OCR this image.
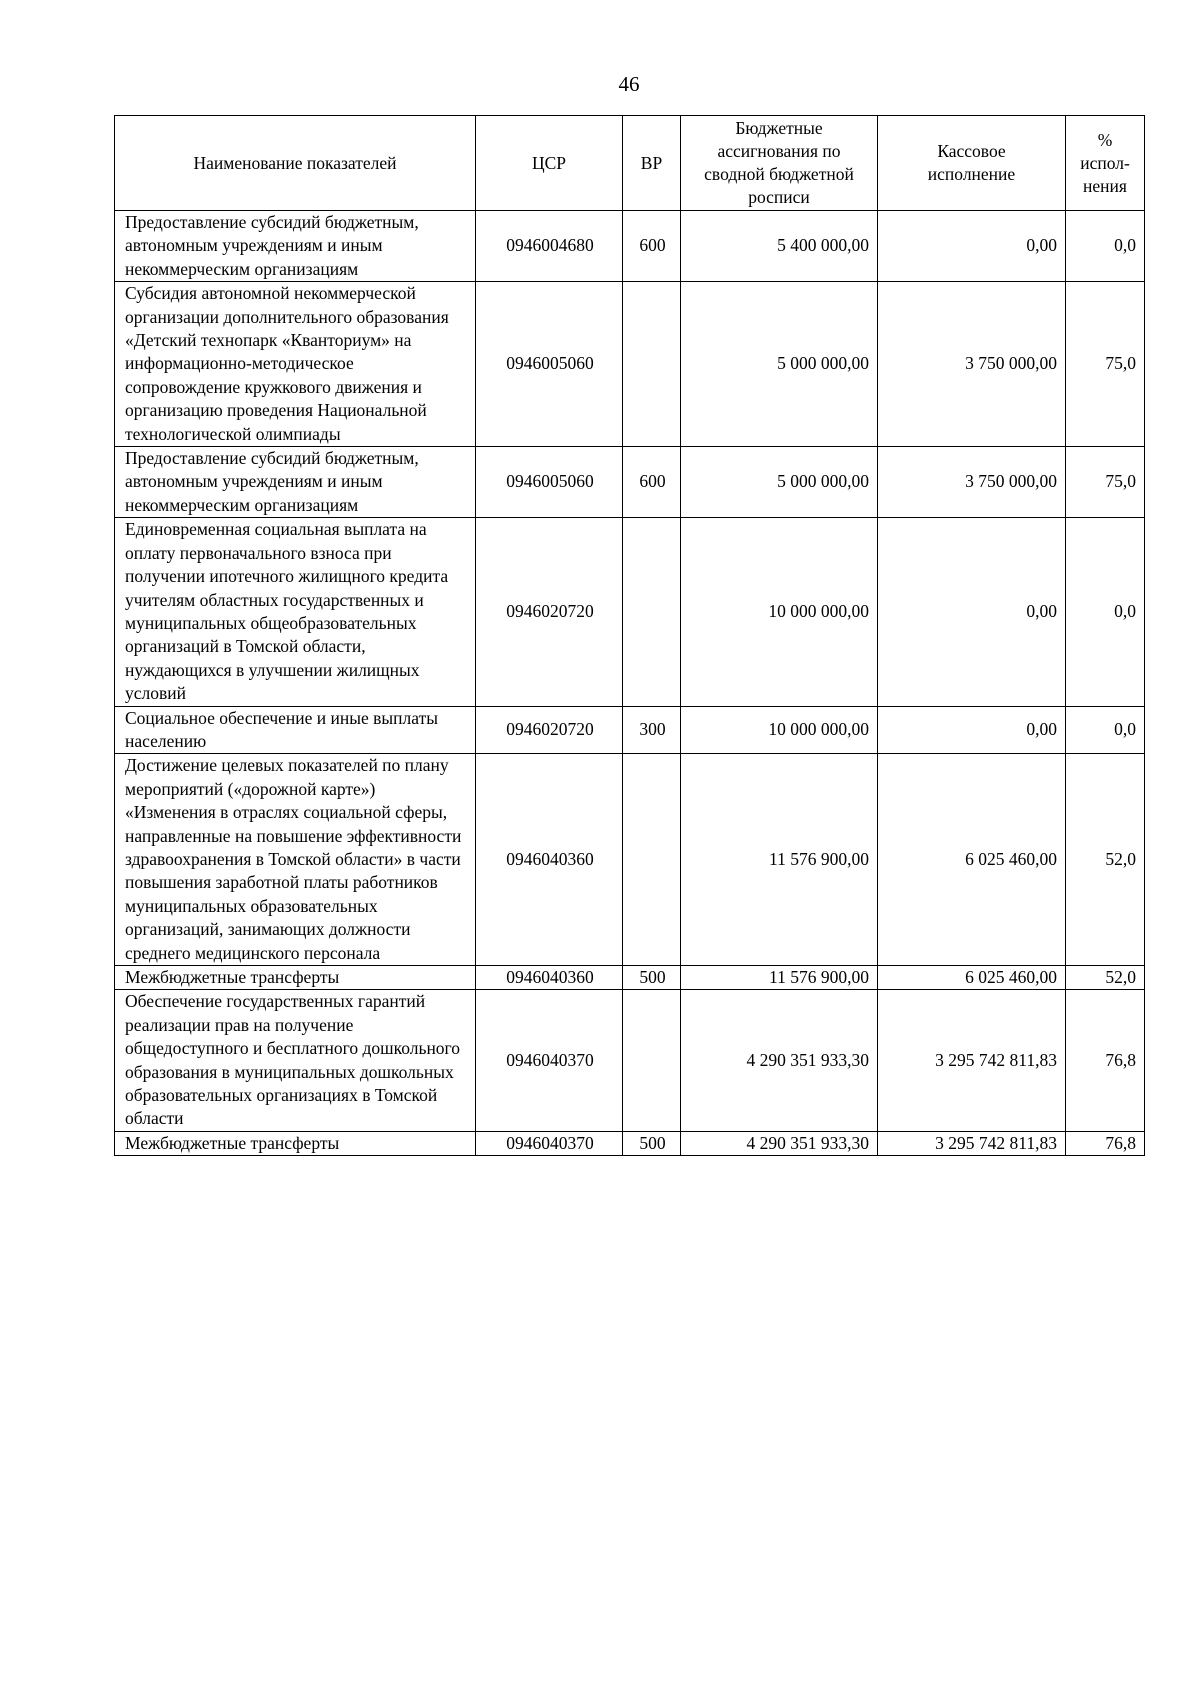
46
Наименование показателей	ЦСР	ВР	Бюджетные ассигнования по сводной бюджетной росписи	Кассовое исполнение	% испол-нения

Предоставление субсидий бюджетным, автономным учреждениям и иным некоммерческим организациям	0946004680	600	5 400 000,00	0,00	0,0
Субсидия автономной некоммерческой организации дополнительного образования «Детский технопарк «Кванториум» на информационно-методическое сопровождение кружкового движения и организацию проведения Национальной технологической олимпиады	0946005060		5 000 000,00	3 750 000,00	75,0
Предоставление субсидий бюджетным, автономным учреждениям и иным некоммерческим организациям	0946005060	600	5 000 000,00	3 750 000,00	75,0
Единовременная социальная выплата на оплату первоначального взноса при получении ипотечного жилищного кредита учителям областных государственных и муниципальных общеобразовательных организаций в Томской области, нуждающихся в улучшении жилищных условий	0946020720		10 000 000,00	0,00	0,0
Социальное обеспечение и иные выплаты населению	0946020720	300	10 000 000,00	0,00	0,0
Достижение целевых показателей по плану мероприятий («дорожной карте») «Изменения в отраслях социальной сферы, направленные на повышение эффективности здравоохранения в Томской области» в части повышения заработной платы работников муниципальных образовательных организаций, занимающих должности среднего медицинского персонала	0946040360		11 576 900,00	6 025 460,00	52,0
Межбюджетные трансферты	0946040360	500	11 576 900,00	6 025 460,00	52,0
Обеспечение государственных гарантий реализации прав на получение общедоступного и бесплатного дошкольного образования в муниципальных дошкольных образовательных организациях в Томской области	0946040370		4 290 351 933,30	3 295 742 811,83	76,8
Межбюджетные трансферты	0946040370	500	4 290 351 933,30	3 295 742 811,83	76,8
